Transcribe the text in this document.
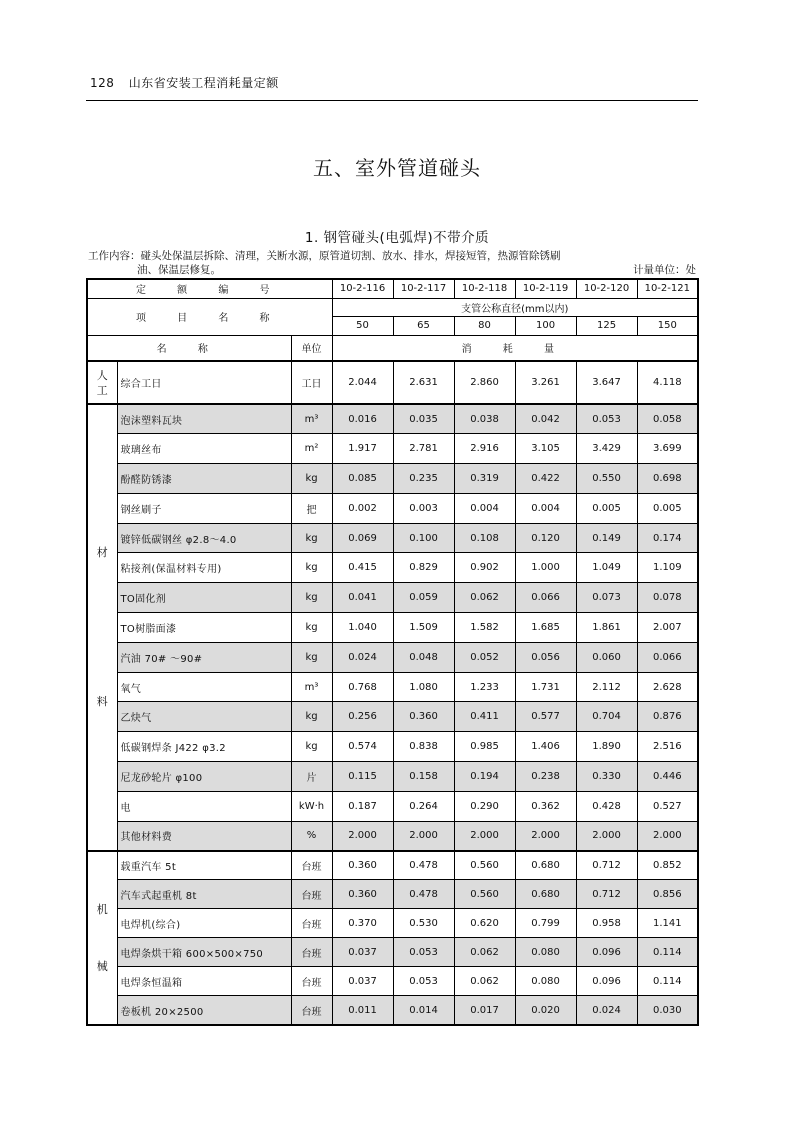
128 山东省安装工程消耗量定额
五、室外管道碰头
1. 钢管碰头(电弧焊)不带介质
工作内容：碰头处保温层拆除、清理，关断水源，原管道切割、放水、排水，焊接短管，热源管除锈刷
油、保温层修复。	计量单位：处
定 额 编 号			10-2-116	10-2-117	10-2-118	10-2-119	10-2-120	10-2-121
项 目 名 称			支管公称直径(mm以内)					
			50	65	80	100	125	150
名 称		单位	消 耗 量					
人
工	综合工日	工日	2.044	2.631	2.860	3.261	3.647	4.118

材
料	泡沫塑料瓦块	m³	0.016	0.035	0.038	0.042	0.053	0.058
	玻璃丝布	m²	1.917	2.781	2.916	3.105	3.429	3.699
	酚醛防锈漆	kg	0.085	0.235	0.319	0.422	0.550	0.698
	钢丝刷子	把	0.002	0.003	0.004	0.004	0.005	0.005
	镀锌低碳钢丝 φ2.8～4.0	kg	0.069	0.100	0.108	0.120	0.149	0.174
	粘接剂(保温材料专用)	kg	0.415	0.829	0.902	1.000	1.049	1.109
	TO固化剂	kg	0.041	0.059	0.062	0.066	0.073	0.078
	TO树脂面漆	kg	1.040	1.509	1.582	1.685	1.861	2.007
	汽油 70# ～90#	kg	0.024	0.048	0.052	0.056	0.060	0.066
	氧气	m³	0.768	1.080	1.233	1.731	2.112	2.628
	乙炔气	kg	0.256	0.360	0.411	0.577	0.704	0.876
	低碳钢焊条 J422 φ3.2	kg	0.574	0.838	0.985	1.406	1.890	2.516
	尼龙砂轮片 φ100	片	0.115	0.158	0.194	0.238	0.330	0.446
	电	kW·h	0.187	0.264	0.290	0.362	0.428	0.527
	其他材料费	%	2.000	2.000	2.000	2.000	2.000	2.000

机
械	载重汽车 5t	台班	0.360	0.478	0.560	0.680	0.712	0.852
	汽车式起重机 8t	台班	0.360	0.478	0.560	0.680	0.712	0.856
	电焊机(综合)	台班	0.370	0.530	0.620	0.799	0.958	1.141
	电焊条烘干箱 600×500×750	台班	0.037	0.053	0.062	0.080	0.096	0.114
	电焊条恒温箱	台班	0.037	0.053	0.062	0.080	0.096	0.114
	卷板机 20×2500	台班	0.011	0.014	0.017	0.020	0.024	0.030
